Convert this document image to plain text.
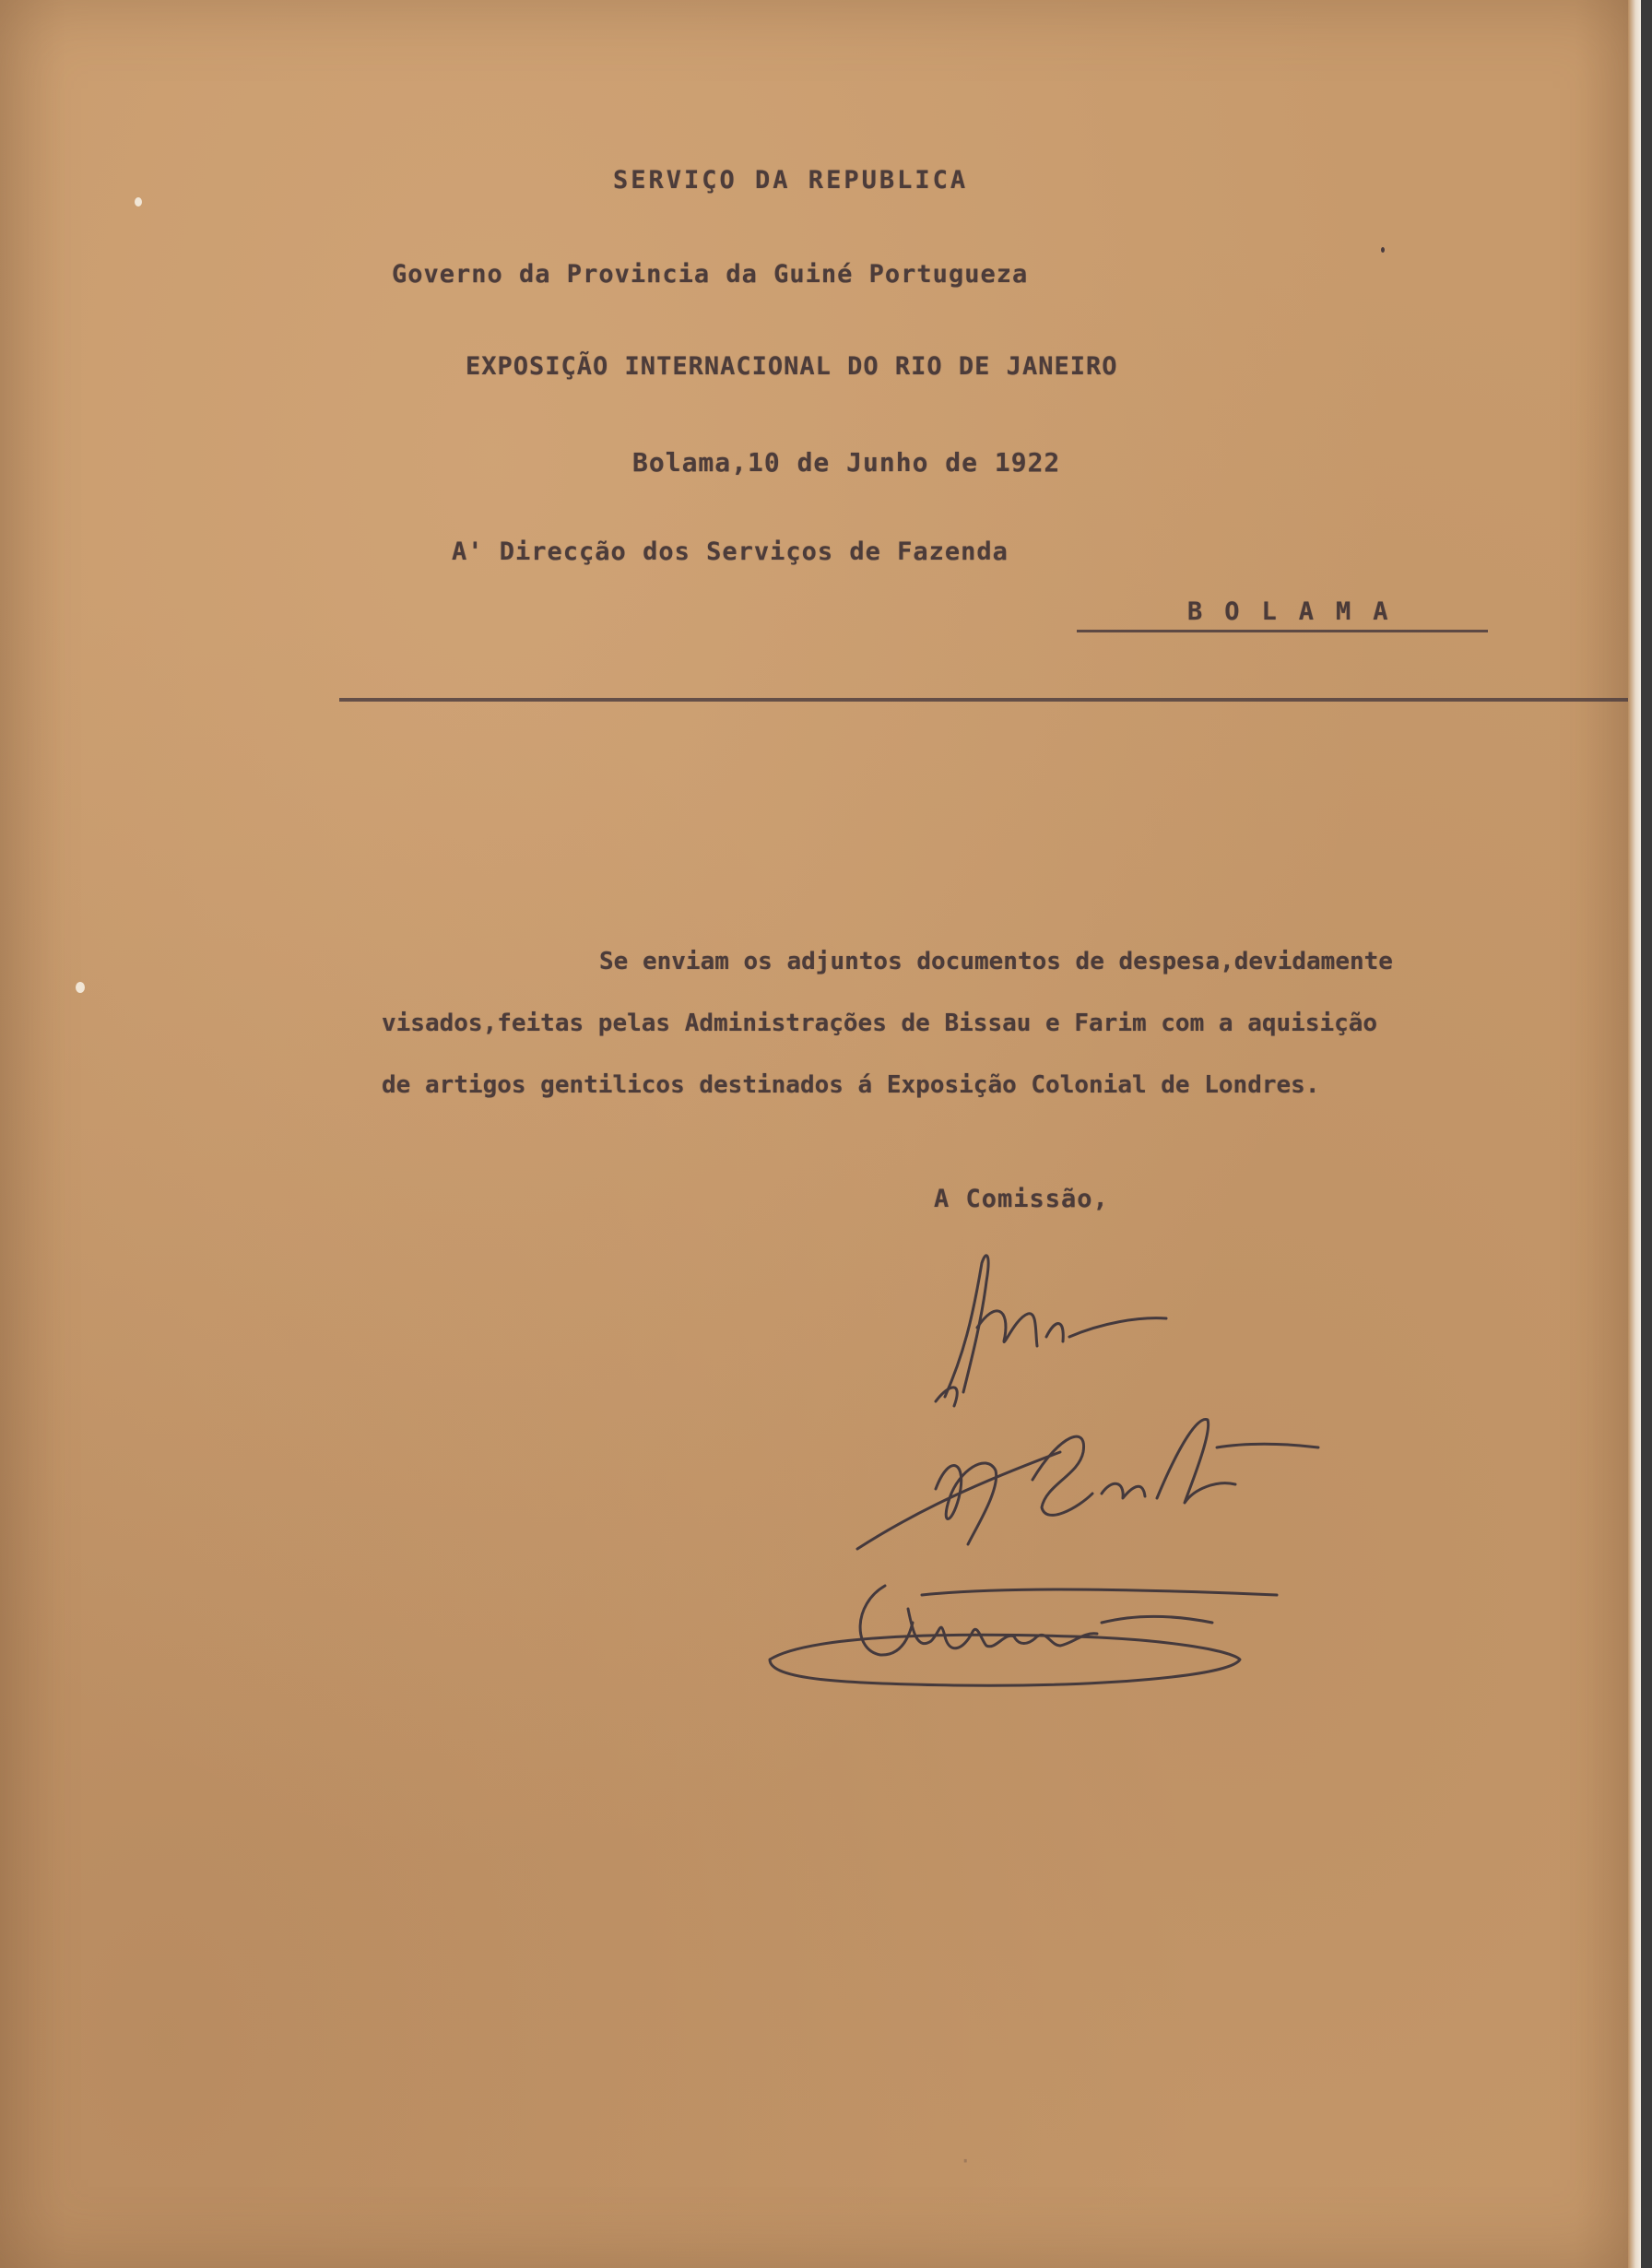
SERVIÇO DA REPUBLICA
Governo da Provincia da Guiné Portugueza
EXPOSIÇÃO INTERNACIONAL DO RIO DE JANEIRO
Bolama,10 de Junho de 1922
A' Direcção dos Serviços de Fazenda
BOLAMA
Se enviam os adjuntos documentos de despesa,devidamente
visados,feitas pelas Administrações de Bissau e Farim com a aquisição
de artigos gentilicos destinados á Exposição Colonial de Londres.
A Comissão,
·
